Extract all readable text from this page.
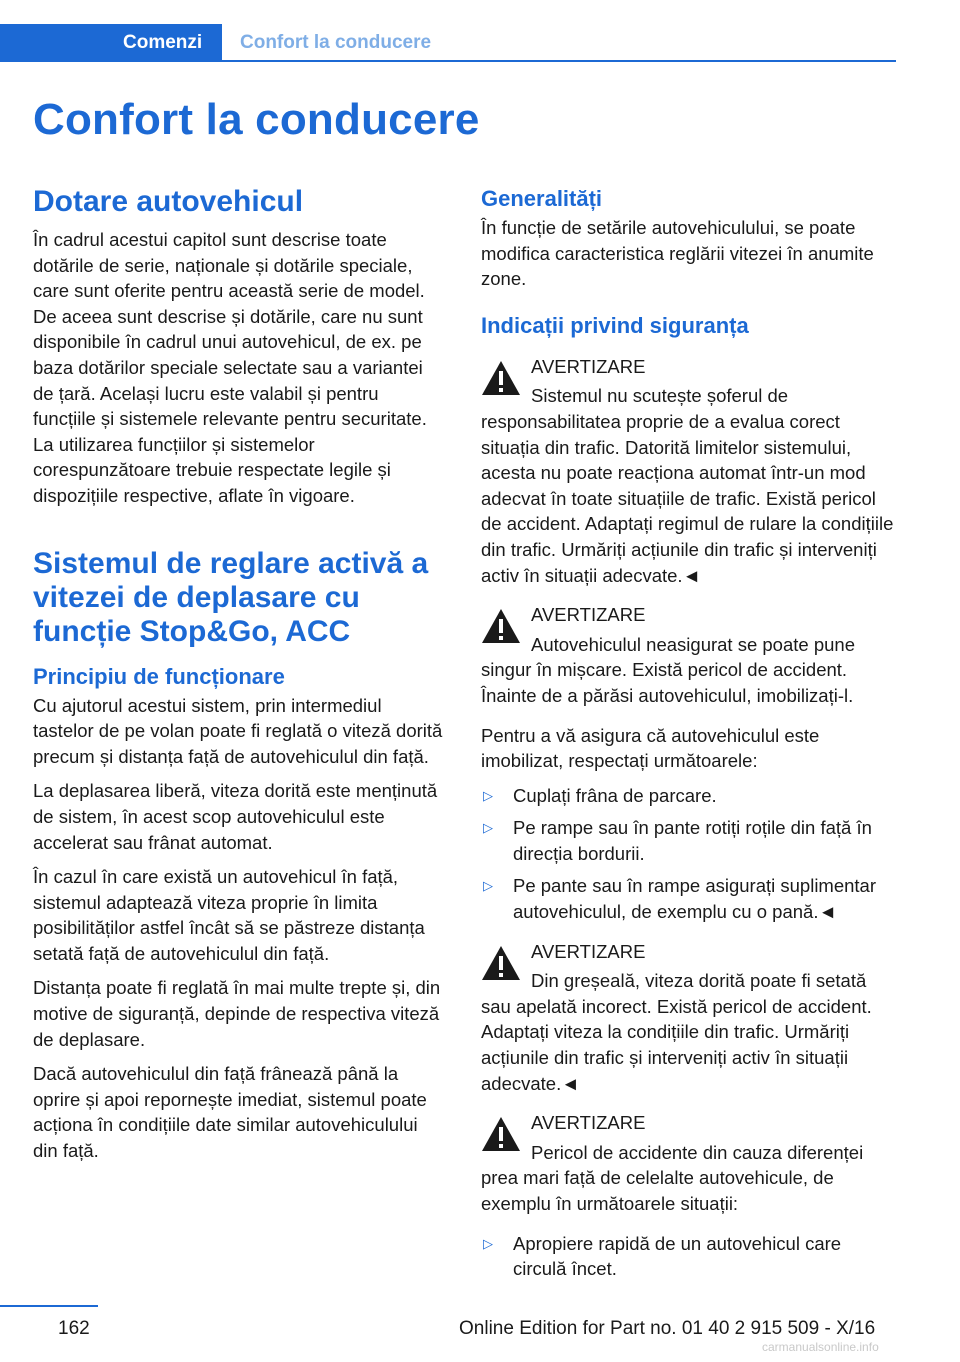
Comenzi	Confort la conducere
Confort la conducere
Dotare autovehicul

În cadrul acestui capitol sunt descrise toate dotările de serie, naționale și dotările speciale, care sunt oferite pentru această serie de model. De aceea sunt descrise și dotările, care nu sunt disponibile în cadrul unui autovehicul, de ex. pe baza dotărilor speciale selectate sau a variantei de țară. Același lucru este valabil și pentru funcțiile și sistemele relevante pentru securitate. La utilizarea funcțiilor și sistemelor corespunzătoare trebuie respectate legile și dispozițiile respective, aflate în vigoare.

Sistemul de reglare activă a vitezei de deplasare cu funcție Stop&Go, ACC
Principiu de funcționare

Cu ajutorul acestui sistem, prin intermediul tastelor de pe volan poate fi reglată o viteză dorită precum și distanța față de autovehiculul din față.

La deplasarea liberă, viteza dorită este menținută de sistem, în acest scop autovehiculul este accelerat sau frânat automat.

În cazul în care există un autovehicul în față, sistemul adaptează viteza proprie în limita posibilităților astfel încât să se păstreze distanța setată față de autovehiculul din față.

Distanța poate fi reglată în mai multe trepte și, din motive de siguranță, depinde de respectiva viteză de deplasare.

Dacă autovehiculul din față frânează până la oprire și apoi repornește imediat, sistemul poate acționa în condițiile date similar autovehiculului din față.

Generalități

În funcție de setările autovehiculului, se poate modifica caracteristica reglării vitezei în anumite zone.

Indicații privind siguranța
AVERTIZARE

Sistemul nu scutește șoferul de responsabilitatea proprie de a evalua corect situația din trafic. Datorită limitelor sistemului, acesta nu poate reacționa automat într-un mod adecvat în toate situațiile de trafic. Există pericol de accident. Adaptați regimul de rulare la condițiile din trafic. Urmăriți acțiunile din trafic și interveniți activ în situații adecvate.◄

AVERTIZARE

Autovehiculul neasigurat se poate pune singur în mișcare. Există pericol de accident. Înainte de a părăsi autovehiculul, imobilizați-l.

Pentru a vă asigura că autovehiculul este imobilizat, respectați următoarele:

▷ Cuplați frâna de parcare.
▷ Pe rampe sau în pante rotiți roțile din față în direcția bordurii.
▷ Pe pante sau în rampe asigurați suplimentar autovehiculul, de exemplu cu o pană.◄
AVERTIZARE

Din greșeală, viteza dorită poate fi setată sau apelată incorect. Există pericol de accident. Adaptați viteza la condițiile din trafic. Urmăriți acțiunile din trafic și interveniți activ în situații adecvate.◄

AVERTIZARE

Pericol de accidente din cauza diferenței prea mari față de celelalte autovehicule, de exemplu în următoarele situații:

▷ Apropiere rapidă de un autovehicul care circulă încet.
162	Online Edition for Part no. 01 40 2 915 509 - X/16
carmanualsonline.info
